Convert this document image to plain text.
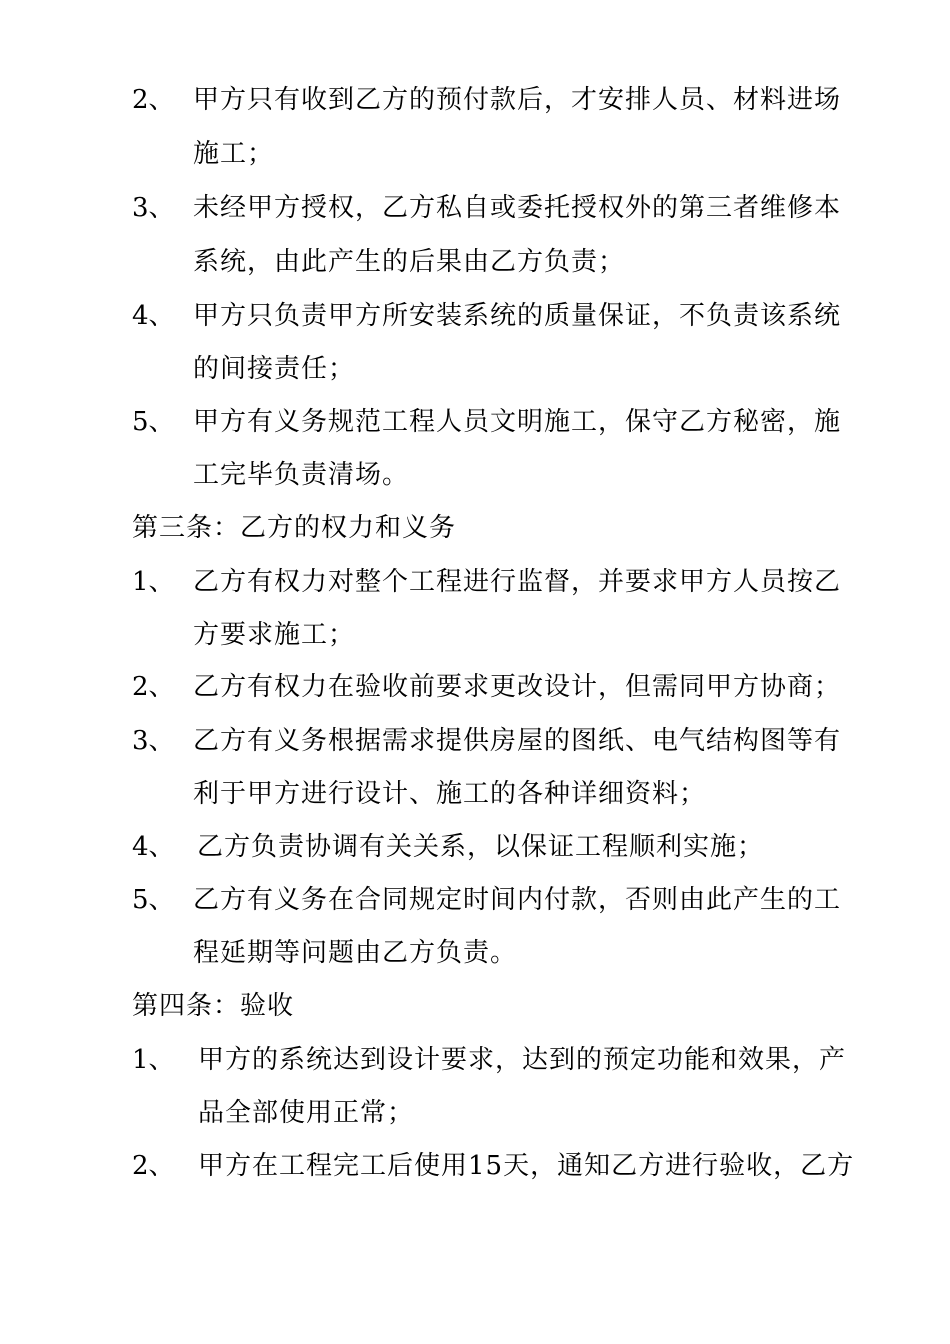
2、 甲方只有收到乙方的预付款后，才安排人员、材料进场
施工；
3、 未经甲方授权，乙方私自或委托授权外的第三者维修本
系统，由此产生的后果由乙方负责；
4、 甲方只负责甲方所安装系统的质量保证，不负责该系统
的间接责任；
5、 甲方有义务规范工程人员文明施工，保守乙方秘密，施
工完毕负责清场。
第三条：乙方的权力和义务
1、 乙方有权力对整个工程进行监督，并要求甲方人员按乙
方要求施工；
2、 乙方有权力在验收前要求更改设计，但需同甲方协商；
3、 乙方有义务根据需求提供房屋的图纸、电气结构图等有
利于甲方进行设计、施工的各种详细资料；
4、 乙方负责协调有关关系，以保证工程顺利实施；
5、 乙方有义务在合同规定时间内付款，否则由此产生的工
程延期等问题由乙方负责。
第四条：验收
1、 甲方的系统达到设计要求，达到的预定功能和效果，产
品全部使用正常；
2、 甲方在工程完工后使用15天，通知乙方进行验收，乙方
